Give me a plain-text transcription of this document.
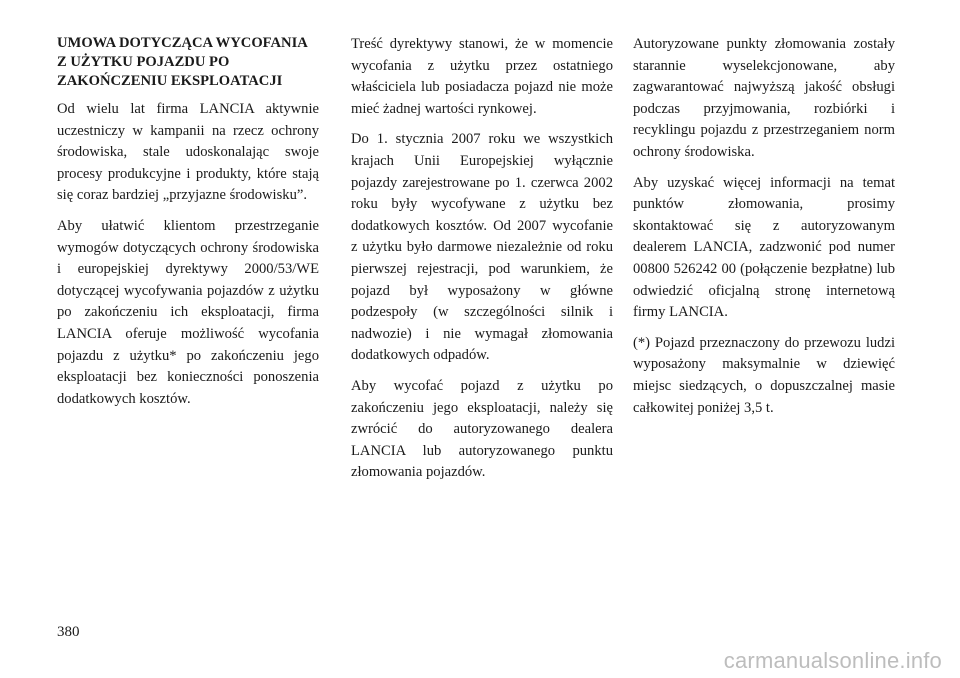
UMOWA DOTYCZĄCA WYCOFANIA Z UŻYTKU POJAZDU PO ZAKOŃCZENIU EKSPLOATACJI

Od wielu lat firma LANCIA aktywnie uczestniczy w kampanii na rzecz ochrony środowiska, stale udoskonalając swoje procesy produkcyjne i produkty, które stają się coraz bardziej „przyjazne środowisku”.

Aby ułatwić klientom przestrzeganie wymogów dotyczących ochrony środowiska i europejskiej dyrektywy 2000/53/WE dotyczącej wycofywania pojazdów z użytku po zakończeniu ich eksploatacji, firma LANCIA oferuje możliwość wycofania pojazdu z użytku* po zakończeniu jego eksploatacji bez konieczności ponoszenia dodatkowych kosztów.

Treść dyrektywy stanowi, że w momencie wycofania z użytku przez ostatniego właściciela lub posiadacza pojazd nie może mieć żadnej wartości rynkowej.

Do 1. stycznia 2007 roku we wszystkich krajach Unii Europejskiej wyłącznie pojazdy zarejestrowane po 1. czerwca 2002 roku były wycofywane z użytku bez dodatkowych kosztów. Od 2007 wycofanie z użytku było darmowe niezależnie od roku pierwszej rejestracji, pod warunkiem, że pojazd był wyposażony w główne podzespoły (w szczególności silnik i nadwozie) i nie wymagał złomowania dodatkowych odpadów.

Aby wycofać pojazd z użytku po zakończeniu jego eksploatacji, należy się zwrócić do autoryzowanego dealera LANCIA lub autoryzowanego punktu złomowania pojazdów.

Autoryzowane punkty złomowania zostały starannie wyselekcjonowane, aby zagwarantować najwyższą jakość obsługi podczas przyjmowania, rozbiórki i recyklingu pojazdu z przestrzeganiem norm ochrony środowiska.

Aby uzyskać więcej informacji na temat punktów złomowania, prosimy skontaktować się z autoryzowanym dealerem LANCIA, zadzwonić pod numer 00800 526242 00 (połączenie bezpłatne) lub odwiedzić oficjalną stronę internetową firmy LANCIA.

(*) Pojazd przeznaczony do przewozu ludzi wyposażony maksymalnie w dziewięć miejsc siedzących, o dopuszczalnej masie całkowitej poniżej 3,5 t.

380
carmanualsonline.info
